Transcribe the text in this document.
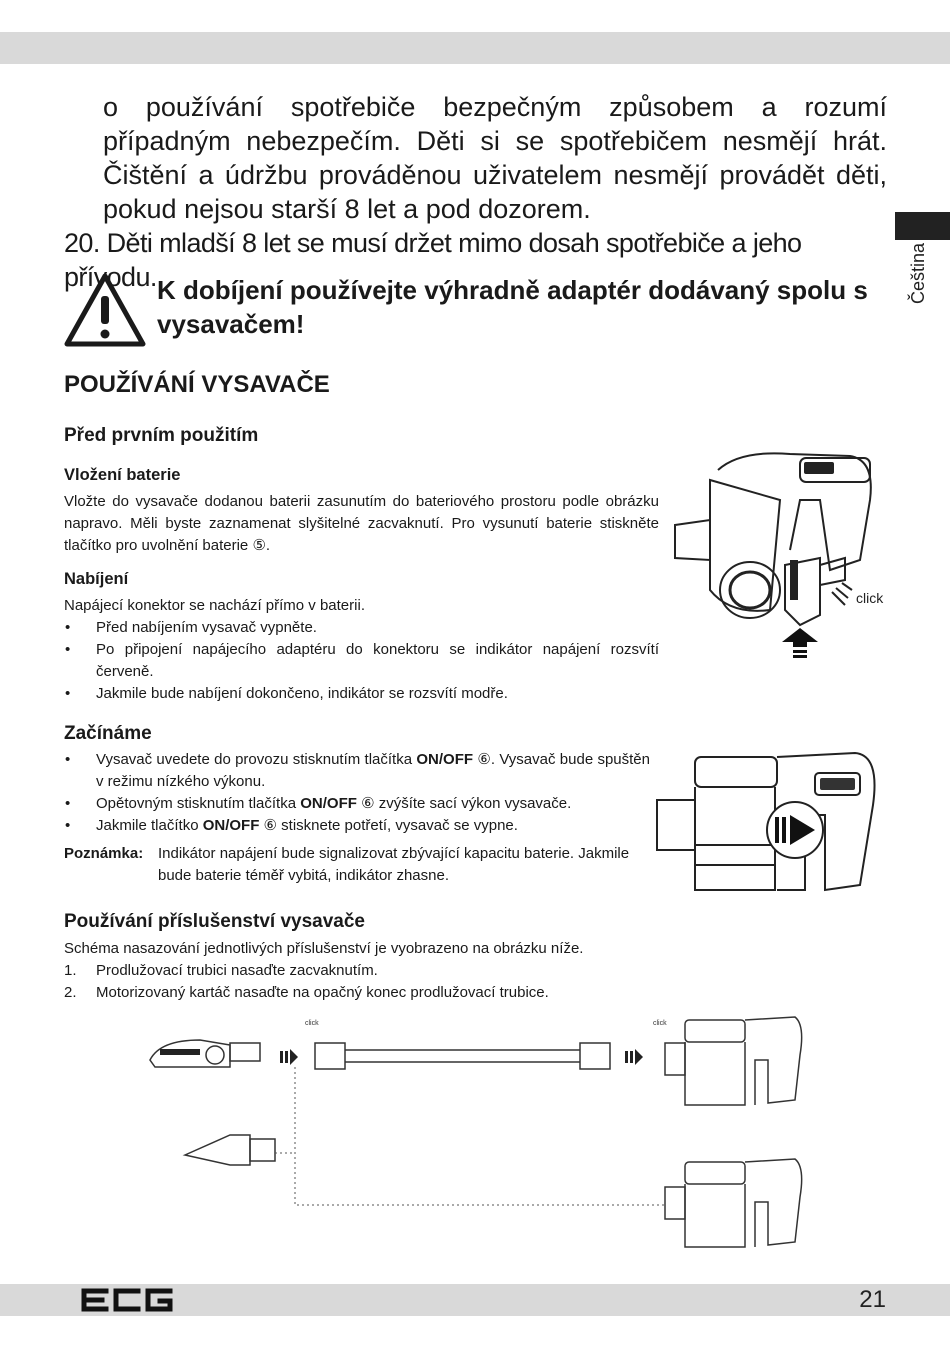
Čeština
o používání spotřebiče bezpečným způsobem a rozumí případným nebezpečím. Děti si se spotřebičem nesmějí hrát. Čištění a údržbu prováděnou uživatelem nesmějí provádět děti, pokud nejsou starší 8 let a pod dozorem.
20. Děti mladší 8 let se musí držet mimo dosah spotřebiče a jeho přívodu. K dobíjení používejte výhradně adaptér dodávaný spolu s vysavačem!
POUŽÍVÁNÍ VYSAVAČE
Před prvním použitím
Vložení baterie
Vložte do vysavače dodanou baterii zasunutím do bateriového prostoru podle obrázku napravo. Měli byste zaznamenat slyšitelné zacvaknutí. Pro vysunutí baterie stiskněte tlačítko pro uvolnění baterie ⑤.
Nabíjení
Napájecí konektor se nachází přímo v baterii.
• Před nabíjením vysavač vypněte.
• Po připojení napájecího adaptéru do konektoru se indikátor napájení rozsvítí červeně.
• Jakmile bude nabíjení dokončeno, indikátor se rozsvítí modře.
Začínáme
• Vysavač uvedete do provozu stisknutím tlačítka ON/OFF ⑥. Vysavač bude spuštěn v režimu nízkého výkonu.
• Opětovným stisknutím tlačítka ON/OFF ⑥ zvýšíte sací výkon vysavače.
• Jakmile tlačítko ON/OFF ⑥ stisknete potřetí, vysavač se vypne.
Poznámka: Indikátor napájení bude signalizovat zbývající kapacitu baterie. Jakmile bude baterie téměř vybitá, indikátor zhasne.
Používání příslušenství vysavače
Schéma nasazování jednotlivých příslušenství je vyobrazeno na obrázku níže.
1. Prodlužovací trubici nasaďte zacvaknutím.
2. Motorizovaný kartáč nasaďte na opačný konec prodlužovací trubice.
click
click	click
21
